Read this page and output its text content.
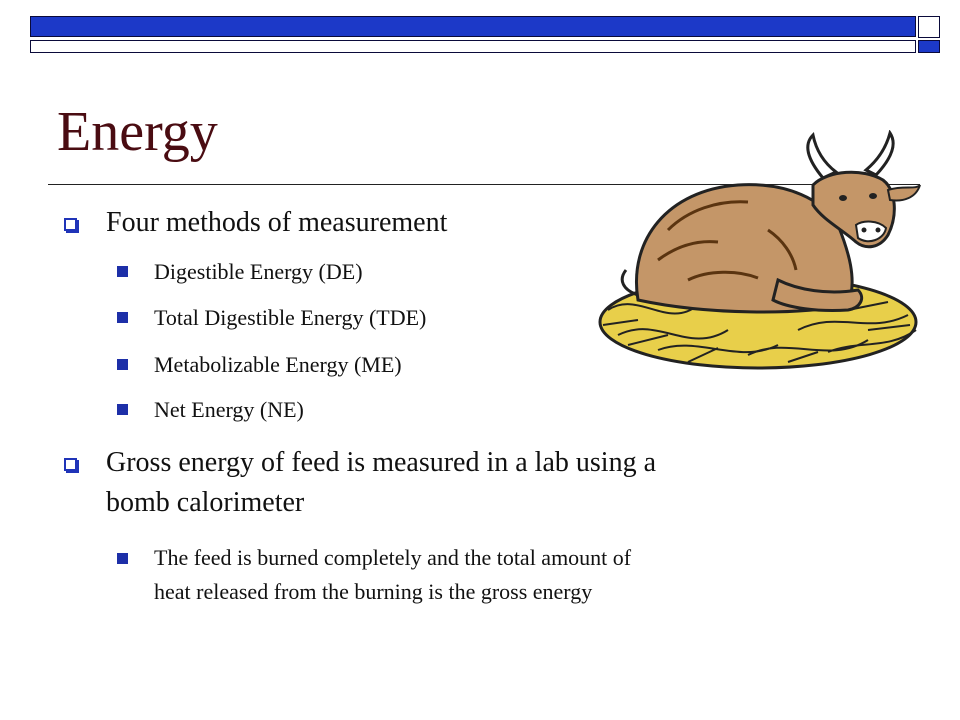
Energy
Four methods of measurement
Digestible Energy (DE)
Total Digestible Energy (TDE)
Metabolizable Energy (ME)
Net Energy (NE)
Gross energy of feed is measured in a lab using a
bomb calorimeter
The feed is burned completely and the total amount of
heat released from the burning is the gross energy
